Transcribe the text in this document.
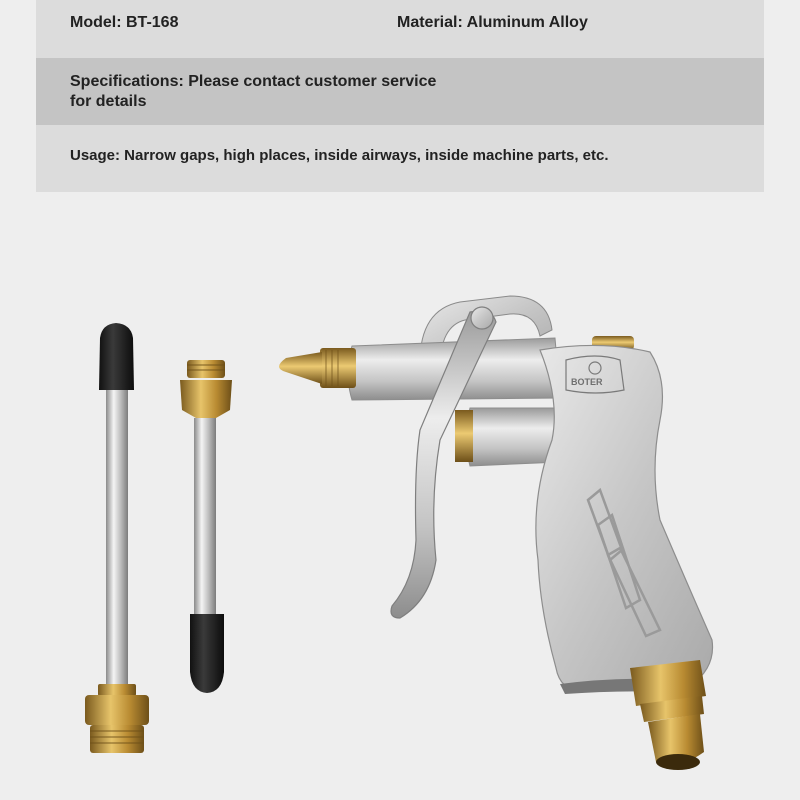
Model: BT-168	Material: Aluminum Alloy
Specifications: Please contact customer service for details
Usage: Narrow gaps, high places, inside airways, inside machine parts, etc.
BOTER
